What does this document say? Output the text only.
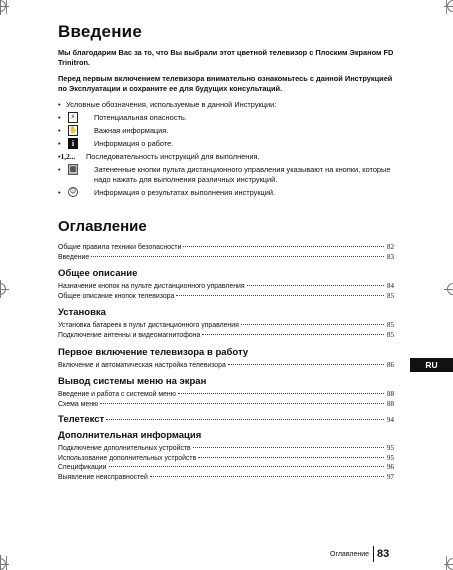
Введение

Мы благодарим Вас за то, что Вы выбрали этот цветной телевизор с Плоским Экраном FD Trinitron.

Перед первым включением телевизора внимательно ознакомьтесь с данной Инструкцией по Эксплуатации и сохраните ее для будущих консультаций.

• Условные обозначения, используемые в данной Инструкции:
•	⚡	Потенциальная опасность.
• ✋ Важная информация.
•	i	Информация о работе.
•1,2... Последовательность инструкций для выполнения.
• ▦ Затененные кнопки пульта дистанционного управления указывают на кнопки, которые надо нажать для выполнения различных инструкций.
•	☺ Информация о результатах выполнения инструкций.
Оглавление
Общие правила техники безопасности	82
Введение	83
Общее описание
Назначение кнопок на пульте дистанционного управления	84
Общее описание кнопок телевизора	85
Установка
Установка батареек в пульт дистанционного управления	85
Подключение антенны и видеомагнитофона	85
Первое включение телевизора в работу
Включение и автоматическая настройка телевизора	86
Вывод системы меню на экран
Введение и работа с системой меню	88
Схема меню	88
Телетекст	94
Дополнительная информация
Подключение дополнительных устройств	95
Использование дополнительных устройств	95
Спецификации	96
Выявление неисправностей	97
RU
Оглавление 83
